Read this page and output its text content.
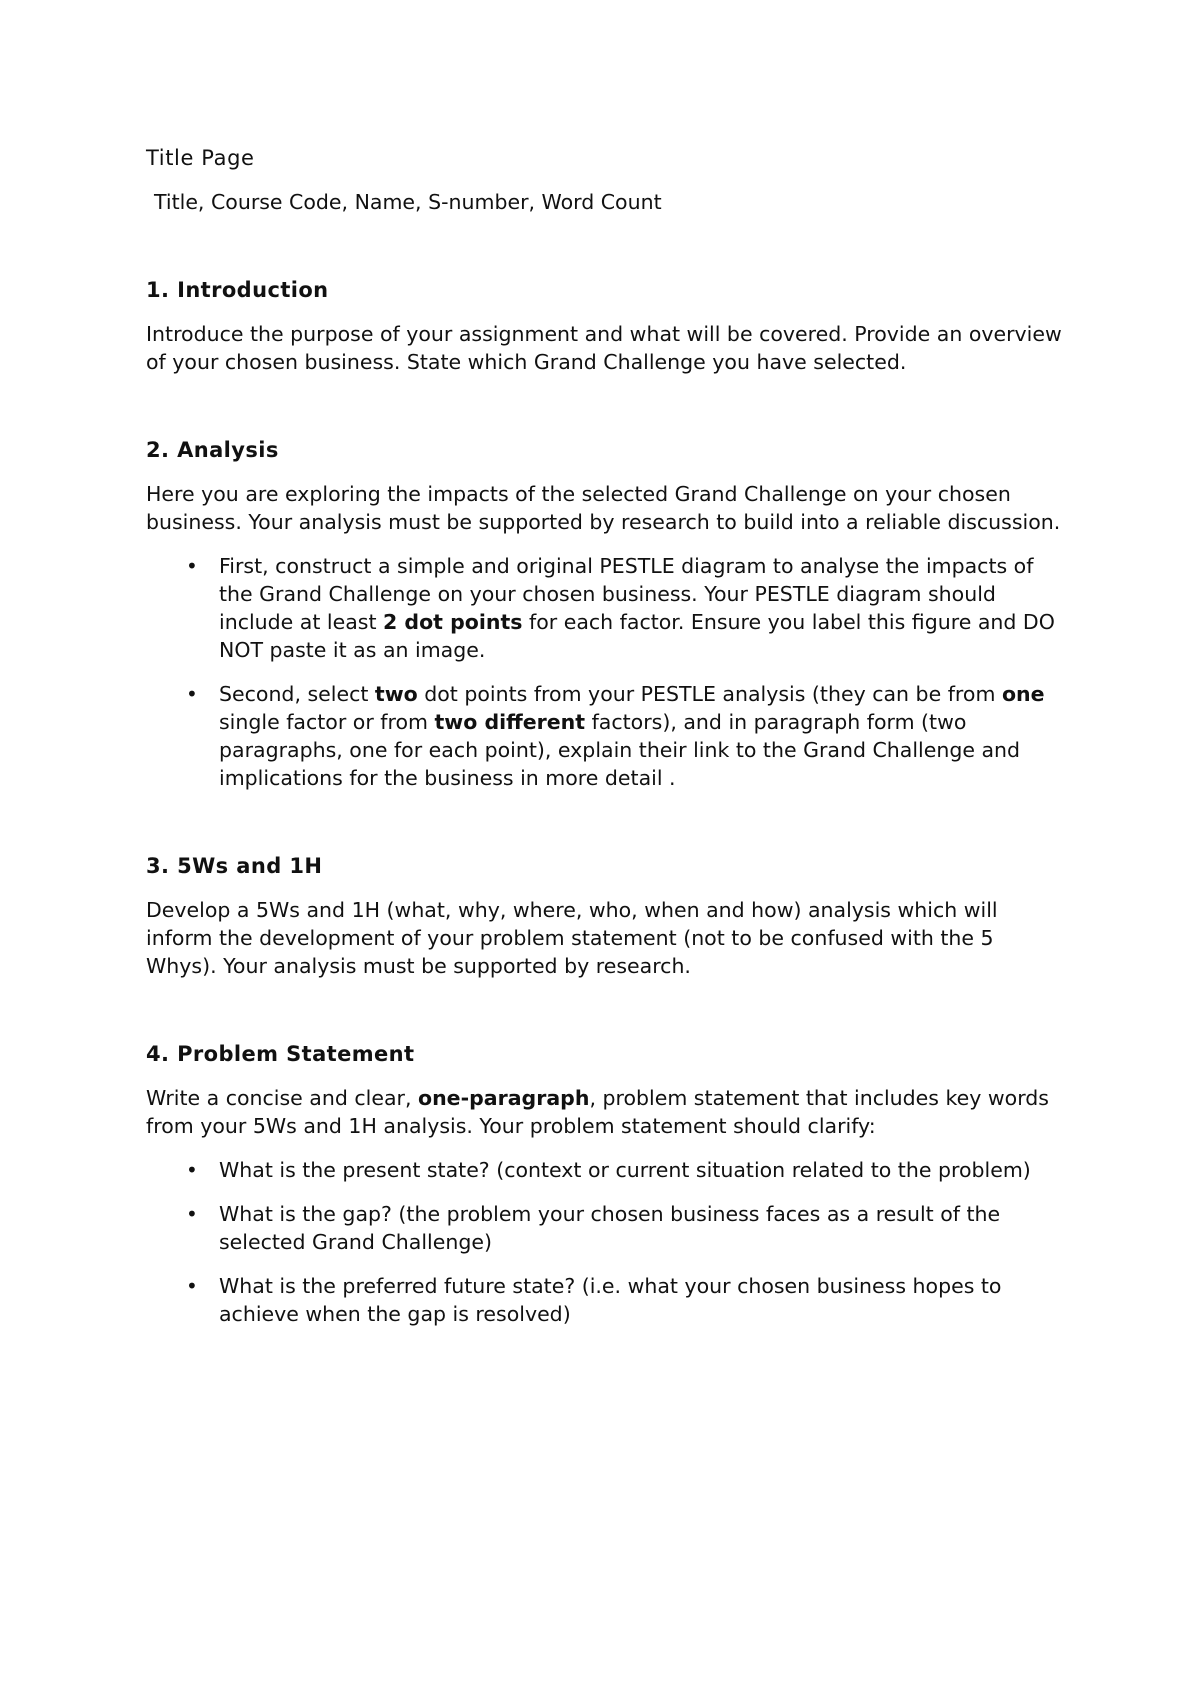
Title Page

Title, Course Code, Name, S-number, Word Count

1. Introduction

Introduce the purpose of your assignment and what will be covered. Provide an overview of your chosen business. State which Grand Challenge you have selected.

2. Analysis

Here you are exploring the impacts of the selected Grand Challenge on your chosen business. Your analysis must be supported by research to build into a reliable discussion.

• First, construct a simple and original PESTLE diagram to analyse the impacts of the Grand Challenge on your chosen business. Your PESTLE diagram should include at least 2 dot points for each factor. Ensure you label this figure and DO NOT paste it as an image.
• Second, select two dot points from your PESTLE analysis (they can be from one single factor or from two different factors), and in paragraph form (two paragraphs, one for each point), explain their link to the Grand Challenge and implications for the business in more detail .

3. 5Ws and 1H

Develop a 5Ws and 1H (what, why, where, who, when and how) analysis which will inform the development of your problem statement (not to be confused with the 5 Whys). Your analysis must be supported by research.

4. Problem Statement

Write a concise and clear, one-paragraph, problem statement that includes key words from your 5Ws and 1H analysis. Your problem statement should clarify:

• What is the present state? (context or current situation related to the problem)
• What is the gap? (the problem your chosen business faces as a result of the selected Grand Challenge)
• What is the preferred future state? (i.e. what your chosen business hopes to achieve when the gap is resolved)
